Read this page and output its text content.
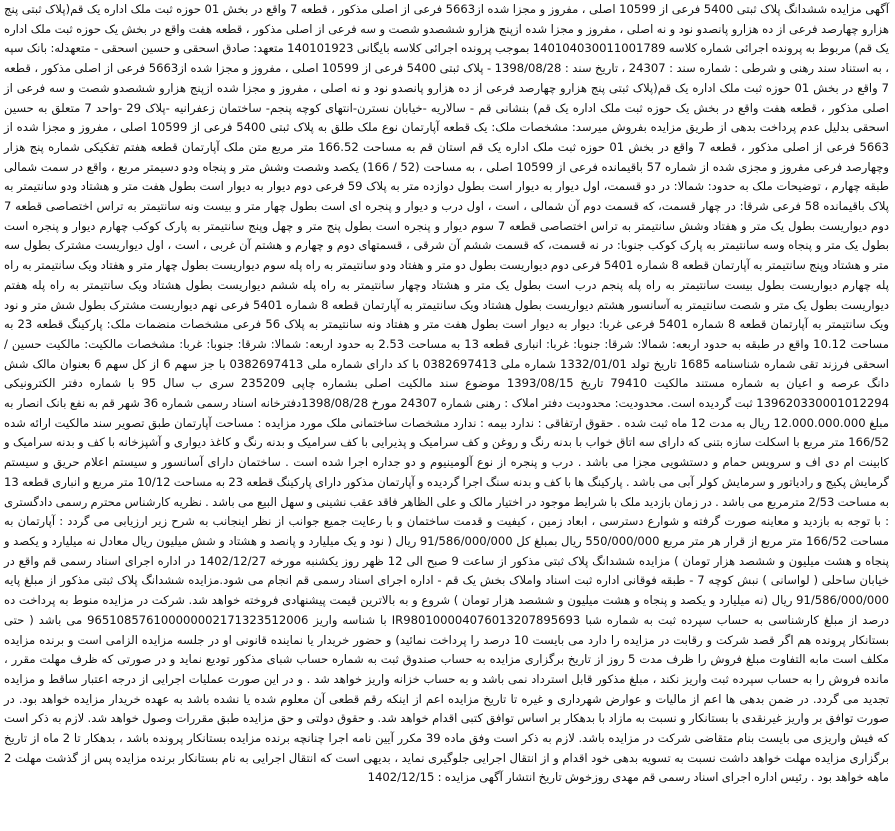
آگهی مزایده ششدانگ پلاک ثبتی 5400 فرعی از 10599 اصلی ، مفروز و مجزا شده از5663 فرعی از اصلی مذکور ، قطعه 7 واقع در بخش 01 حوزه ثبت ملک اداره یک قم(پلاک ثبتی پنج هزارو چهارصد فرعی از ده هزارو پانصدو نود و نه اصلی ، مفروز و مجزا شده ازپنج هزارو ششصدو شصت و سه فرعی از اصلی مذکور ، قطعه هفت واقع در بخش یک حوزه ثبت ملک اداره یک قم) مربوط به پرونده اجرائی شماره کلاسه 140104030011001789 بموجب پرونده اجرائی کلاسه بایگانی 140101923 متعهد: صادق اسحقی و حسین اسحقی - متعهدله: بانک سپه ، به استناد سند رهنی و شرطی : شماره سند : 24307 ، تاریخ سند : 1398/08/28 - پلاک ثبتی 5400 فرعی از 10599 اصلی ، مفروز و مجزا شده از5663 فرعی از اصلی مذکور ، قطعه 7 واقع در بخش 01 حوزه ثبت ملک اداره یک قم(پلاک ثبتی پنج هزارو چهارصد فرعی از ده هزارو پانصدو نود و نه اصلی ، مفروز و مجزا شده ازپنج هزارو ششصدو شصت و سه فرعی از اصلی مذکور ، قطعه هفت واقع در بخش یک حوزه ثبت ملک اداره یک قم) بنشانی قم - سالاریه -خیابان نسترن-انتهای کوچه پنجم- ساختمان زعفرانیه -پلاک 29 -واحد 7 متعلق به حسین اسحقی بدلیل عدم پرداخت بدهی از طریق مزایده بفروش میرسد: مشخصات ملک: یک قطعه آپارتمان نوع ملک طلق به پلاک ثبتی 5400 فرعی از 10599 اصلی ، مفروز و مجزا شده از 5663 فرعی از اصلی مذکور ، قطعه 7 واقع در بخش 01 حوزه ثبت ملک اداره یک قم استان قم به مساحت 166.52 متر مربع متن ملک آپارتمان قطعه هفتم تفکیکی شماره پنج هزار وچهارصد فرعی مفروز و مجزی شده از شماره 57 باقیمانده فرعی از 10599 اصلی ، به مساحت (52 / 166) یکصد وشصت وشش متر و پنجاه ودو دسیمتر مربع ، واقع در سمت شمالی طبقه چهارم ، توضیحات ملک به حدود: شمالا: در دو قسمت، اول دیوار به دیوار است بطول دوازده متر به پلاک 59 فرعی دوم دیوار به دیوار است بطول هفت متر و هشتاد ودو سانتیمتر به پلاک باقیمانده 58 فرعی شرقا: در چهار قسمت، که قسمت دوم آن شمالی ، است ، اول درب و دیوار و پنجره ای است بطول چهار متر و بیست ونه سانتیمتر به تراس اختصاصی قطعه 7 دوم دیواریست بطول یک متر و هفتاد وشش سانتیمتر به تراس اختصاصی قطعه 7 سوم دیوار و پنجره است بطول پنج متر و چهل وپنج سانتیمتر به پارک کوکب چهارم دیوار و پنجره است بطول یک متر و پنجاه وسه سانتیمتر به پارک کوکب جنوبا: در نه قسمت، که قسمت ششم آن شرقی ، قسمتهای دوم و چهارم و هشتم آن غربی ، است ، اول دیواریست مشترک بطول سه متر و هشتاد وپنج سانتیمتر به آپارتمان قطعه 8 شماره 5401 فرعی دوم دیواریست بطول دو متر و هفتاد ودو سانتیمتر به راه پله سوم دیواریست بطول چهار متر و هفتاد ویک سانتیمتر به راه پله چهارم دیواریست بطول بیست سانتیمتر به راه پله پنجم درب است بطول یک متر و هشتاد وچهار سانتیمتر به راه پله ششم دیواریست بطول هشتاد ویک سانتیمتر به راه پله هفتم دیواریست بطول یک متر و شصت سانتیمتر به آسانسور هشتم دیواریست بطول هشتاد ویک سانتیمتر به آپارتمان قطعه 8 شماره 5401 فرعی نهم دیواریست مشترک بطول شش متر و نود ویک سانتیمتر به آپارتمان قطعه 8 شماره 5401 فرعی غربا: دیوار به دیوار است بطول هفت متر و هفتاد ونه سانتیمتر به پلاک 56 فرعی مشخصات منضمات ملک: پارکینگ قطعه 23 به مساحت 10.12 واقع در طبقه به حدود اربعه: شمالا: شرقا: جنوبا: غربا: انباری قطعه 13 به مساحت 2.53 به حدود اربعه: شمالا: شرقا: جنوبا: غربا: مشخصات مالکیت: مالکیت حسین / اسحقی فرزند تقی شماره شناسنامه 1685 تاریخ تولد 1332/01/01 شماره ملی 0382697413 با کد دارای شماره ملی 0382697413 با جز سهم 6 از کل سهم 6 بعنوان مالک شش دانگ عرصه و اعیان به شماره مستند مالکیت 79410 تاریخ 1393/08/15 موضوع سند مالکیت اصلی بشماره چاپی 235209 سری ب سال 95 با شماره دفتر الکترونیکی 139620330001012294 ثبت گردیده است. محدودیت: محدودیت دفتر املاک : رهنی شماره 24307 مورخ 1398/08/28دفترخانه اسناد رسمی شماره 36 شهر قم به نفع بانک انصار به مبلغ 12.000.000.000 ریال به مدت 12 ماه ثبت شده . حقوق ارتفاقی : ندارد بیمه : ندارد مشخصات ساختمانی ملک مورد مزایده : مساحت آپارتمان طبق تصویر سند مالکیت ارائه شده 166/52 متر مربع با اسکلت سازه بتنی که دارای سه اتاق خواب با بدنه رنگ و روغن و کف سرامیک و پذیرایی با کف سرامیک و بدنه رنگ و کاغذ دیواری و آشپزخانه با کف و بدنه سرامیک و کابینت ام دی اف و سرویس حمام و دستشویی مجزا می باشد . درب و پنجره از نوع آلومینیوم و دو جداره اجرا شده است . ساختمان دارای آسانسور و سیستم اعلام حریق و سیستم گرمایش پکیج و رادیاتور و سرمایش کولر آبی می باشد . پارکینگ ها با کف و بدنه سنگ اجرا گردیده و آپارتمان مذکور دارای پارکینگ قطعه 23 به مساحت 10/12 متر مربع و انباری قطعه 13 به مساحت 2/53 مترمربع می باشد . در زمان بازدید ملک با شرایط موجود در اختیار مالک و علی الظاهر فاقد عقب نشینی و سهل البیع می باشد . نظریه کارشناس محترم رسمی دادگستری : با توجه به بازدید و معاینه صورت گرفته و شوارع دسترسی ، ابعاد زمین ، کیفیت و قدمت ساختمان و با رعایت جمیع جوانب از نظر اینجانب به شرح زیر ارزیابی می گردد : آپارتمان به مساحت 166/52 متر مربع از قرار هر متر مربع 550/000/000 ریال بمبلغ کل 91/586/000/000 ریال ( نود و یک میلیارد و پانصد و هشتاد و شش میلیون ریال معادل نه میلیارد و یکصد و پنجاه و هشت میلیون و ششصد هزار تومان ) مزایده ششدانگ پلاک ثبتی مذکور از ساعت 9 صبح الی 12 ظهر روز یکشنبه مورخه 1402/12/27 در اداره اجرای اسناد رسمی قم واقع در خیابان ساحلی ( لواسانی ) نبش کوچه 7 - طبقه فوقانی اداره ثبت اسناد واملاک بخش یک قم - اداره اجرای اسناد رسمی قم انجام می شود.مزایده ششدانگ پلاک ثبتی مذکور از مبلغ پایه 91/586/000/000 ریال (نه میلیارد و یکصد و پنجاه و هشت میلیون و ششصد هزار تومان ) شروع و به بالاترین قیمت پیشنهادی فروخته خواهد شد. شرکت در مزایده منوط به پرداخت ده درصد از مبلغ کارشناسی به حساب سپرده ثبت به شماره شبا IR980100004076013207895693 با شناسه واریز 965108576100000002171323512006 می باشد ( حتی بستانکار پرونده هم اگر قصد شرکت و رقابت در مزایده را دارد می بایست 10 درصد را پرداخت نمائید) و حضور خریدار یا نماینده قانونی او در جلسه مزایده الزامی است و برنده مزایده مکلف است مابه التفاوت مبلغ فروش را ظرف مدت 5 روز از تاریخ برگزاری مزایده به حساب صندوق ثبت به شماره حساب شبای مذکور تودیع نماید و در صورتی که ظرف مهلت مقرر ، مانده فروش را به حساب سپرده ثبت واریز نکند ، مبلغ مذکور قابل استرداد نمی باشد و به حساب خزانه واریز خواهد شد . و در این صورت عملیات اجرایی از درجه اعتبار ساقط و مزایده تجدید می گردد. در ضمن بدهی ها اعم از مالیات و عوارض شهرداری و غیره تا تاریخ مزایده اعم از اینکه رقم قطعی آن معلوم شده یا نشده باشد به عهده خریدار مزایده خواهد بود. در صورت توافق بر واریز غیرنقدی با بستانکار و نسبت به مازاد با بدهکار بر اساس توافق کتبی اقدام خواهد شد. و حقوق دولتی و حق مزایده طبق مقررات وصول خواهد شد. لازم به ذکر است که فیش واریزی می بایست بنام متقاضی شرکت در مزایده باشد. لازم به ذکر است وفق ماده 39 مکرر آیین نامه اجرا چنانچه برنده مزایده بستانکار پرونده باشد ، بدهکار تا 2 ماه از تاریخ برگزاری مزایده مهلت خواهد داشت نسبت به تسویه بدهی خود اقدام و از انتقال اجرایی جلوگیری نماید ، بدیهی است که انتقال اجرایی به نام بستانکار برنده مزایده پس از گذشت مهلت 2 ماهه خواهد بود . رئیس اداره اجرای اسناد رسمی قم مهدی روزخوش تاریخ انتشار آگهی مزایده : 1402/12/15
